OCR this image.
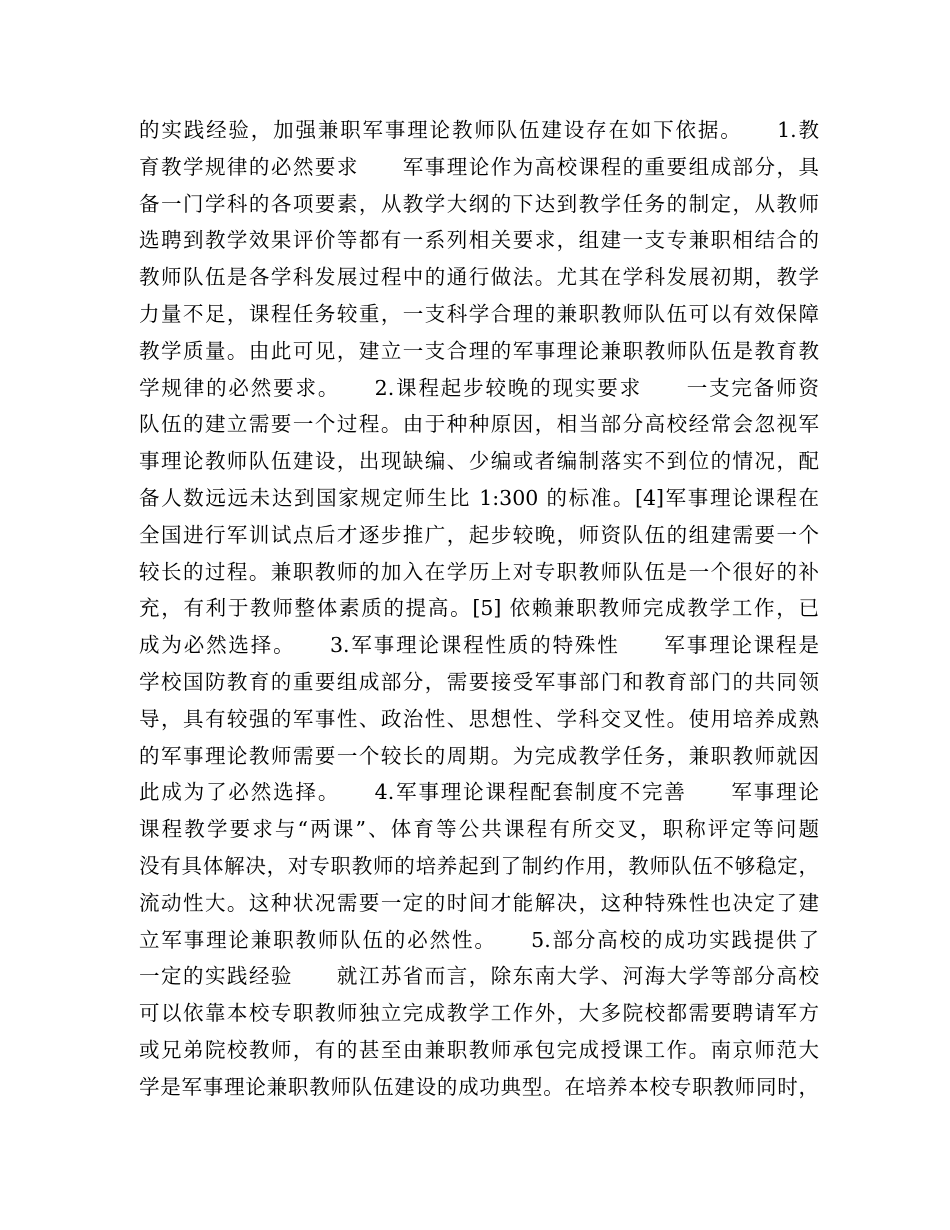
的实践经验，加强兼职军事理论教师队伍建设存在如下依据。　　1.教
育教学规律的必然要求　　军事理论作为高校课程的重要组成部分，具
备一门学科的各项要素，从教学大纲的下达到教学任务的制定，从教师
选聘到教学效果评价等都有一系列相关要求，组建一支专兼职相结合的
教师队伍是各学科发展过程中的通行做法。尤其在学科发展初期，教学
力量不足，课程任务较重，一支科学合理的兼职教师队伍可以有效保障
教学质量。由此可见，建立一支合理的军事理论兼职教师队伍是教育教
学规律的必然要求。　　2.课程起步较晚的现实要求　　一支完备师资
队伍的建立需要一个过程。由于种种原因，相当部分高校经常会忽视军
事理论教师队伍建设，出现缺编、少编或者编制落实不到位的情况，配
备人数远远未达到国家规定师生比 1:300 的标准。[4]军事理论课程在
全国进行军训试点后才逐步推广，起步较晚，师资队伍的组建需要一个
较长的过程。兼职教师的加入在学历上对专职教师队伍是一个很好的补
充，有利于教师整体素质的提高。[5] 依赖兼职教师完成教学工作，已
成为必然选择。　　3.军事理论课程性质的特殊性　　军事理论课程是
学校国防教育的重要组成部分，需要接受军事部门和教育部门的共同领
导，具有较强的军事性、政治性、思想性、学科交叉性。使用培养成熟
的军事理论教师需要一个较长的周期。为完成教学任务，兼职教师就因
此成为了必然选择。　　4.军事理论课程配套制度不完善　　军事理论
课程教学要求与“两课”、体育等公共课程有所交叉，职称评定等问题
没有具体解决，对专职教师的培养起到了制约作用，教师队伍不够稳定，
流动性大。这种状况需要一定的时间才能解决，这种特殊性也决定了建
立军事理论兼职教师队伍的必然性。　　5.部分高校的成功实践提供了
一定的实践经验　　就江苏省而言，除东南大学、河海大学等部分高校
可以依靠本校专职教师独立完成教学工作外，大多院校都需要聘请军方
或兄弟院校教师，有的甚至由兼职教师承包完成授课工作。南京师范大
学是军事理论兼职教师队伍建设的成功典型。在培养本校专职教师同时，
